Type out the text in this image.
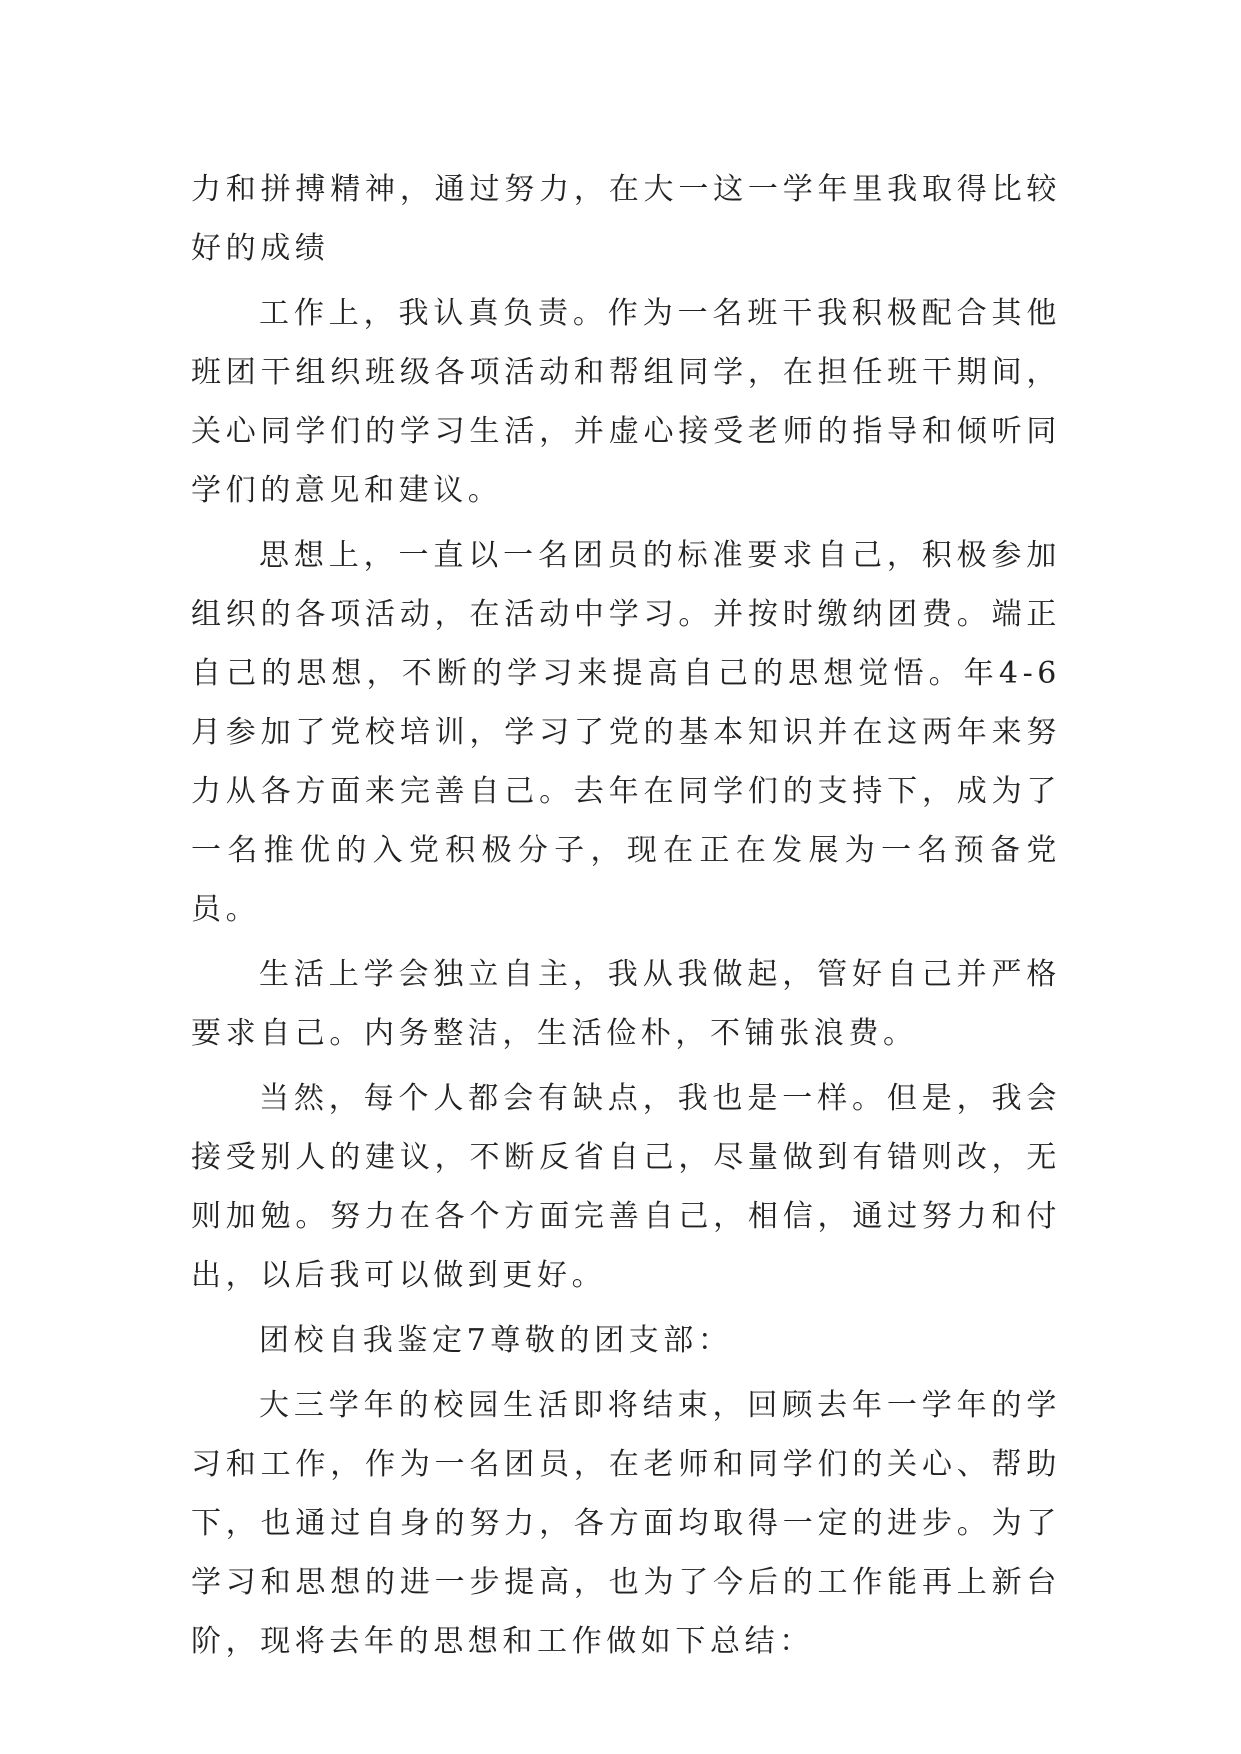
力和拼搏精神，通过努力，在大一这一学年里我取得比较好的成绩

工作上，我认真负责。作为一名班干我积极配合其他班团干组织班级各项活动和帮组同学，在担任班干期间，关心同学们的学习生活，并虚心接受老师的指导和倾听同学们的意见和建议。

思想上，一直以一名团员的标准要求自己，积极参加组织的各项活动，在活动中学习。并按时缴纳团费。端正自己的思想，不断的学习来提高自己的思想觉悟。年4-6月参加了党校培训，学习了党的基本知识并在这两年来努力从各方面来完善自己。去年在同学们的支持下，成为了一名推优的入党积极分子，现在正在发展为一名预备党员。

生活上学会独立自主，我从我做起，管好自己并严格要求自己。内务整洁，生活俭朴，不铺张浪费。

当然，每个人都会有缺点，我也是一样。但是，我会接受别人的建议，不断反省自己，尽量做到有错则改，无则加勉。努力在各个方面完善自己，相信，通过努力和付出，以后我可以做到更好。

团校自我鉴定7尊敬的团支部：

大三学年的校园生活即将结束，回顾去年一学年的学习和工作，作为一名团员，在老师和同学们的关心、帮助下，也通过自身的努力，各方面均取得一定的进步。为了学习和思想的进一步提高，也为了今后的工作能再上新台阶，现将去年的思想和工作做如下总结：
